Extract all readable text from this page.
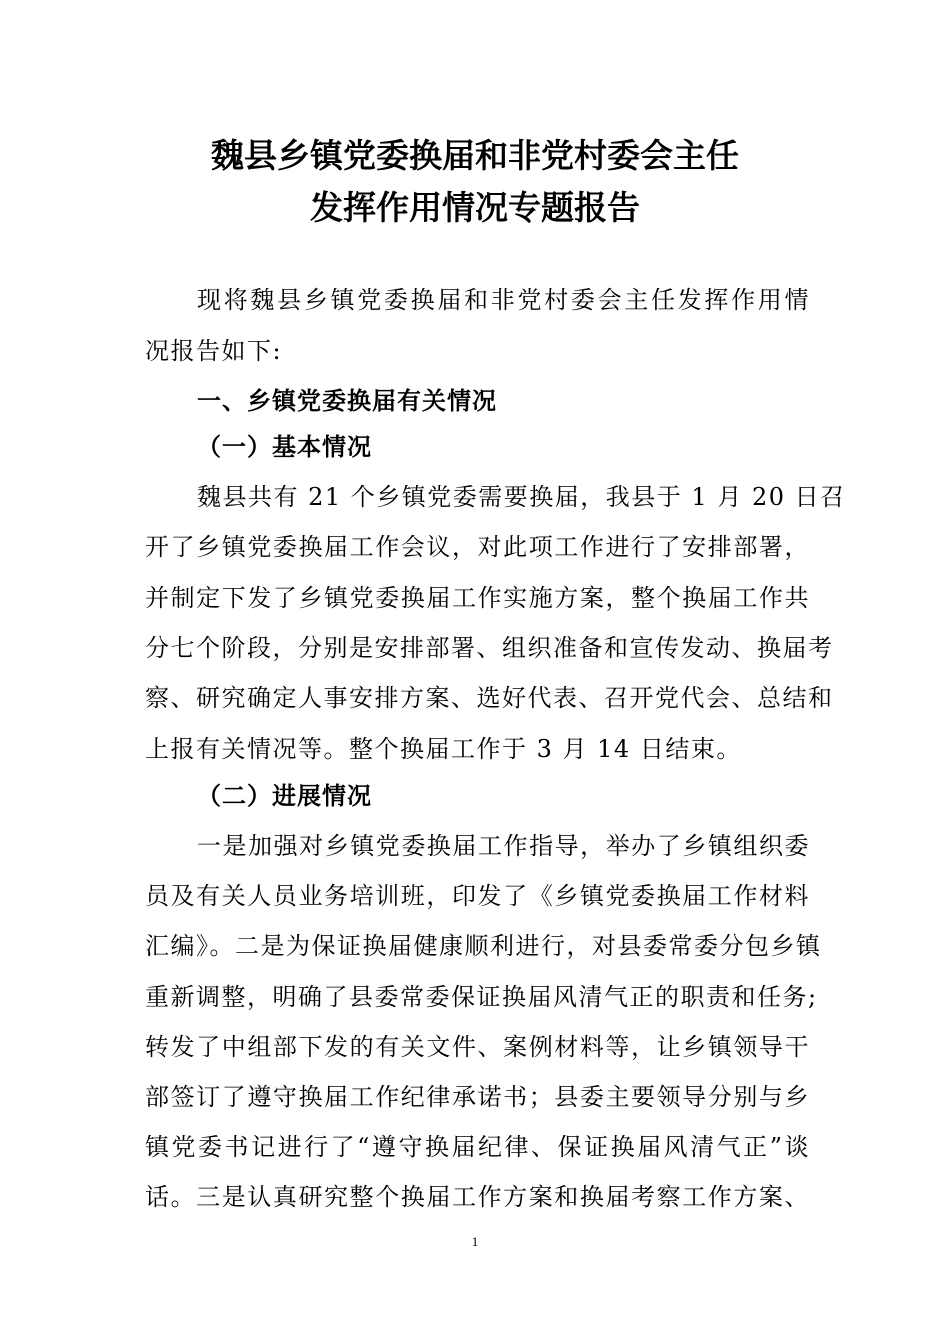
魏县乡镇党委换届和非党村委会主任
发挥作用情况专题报告
现将魏县乡镇党委换届和非党村委会主任发挥作用情
况报告如下:
一、乡镇党委换届有关情况
（一）基本情况
魏县共有 21 个乡镇党委需要换届，我县于 1 月 20 日召
开了乡镇党委换届工作会议，对此项工作进行了安排部署，
并制定下发了乡镇党委换届工作实施方案，整个换届工作共
分七个阶段，分别是安排部署、组织准备和宣传发动、换届考
察、研究确定人事安排方案、选好代表、召开党代会、总结和
上报有关情况等。整个换届工作于 3 月 14 日结束。
（二）进展情况
一是加强对乡镇党委换届工作指导，举办了乡镇组织委
员及有关人员业务培训班，印发了《乡镇党委换届工作材料
汇编》。二是为保证换届健康顺利进行，对县委常委分包乡镇
重新调整，明确了县委常委保证换届风清气正的职责和任务;
转发了中组部下发的有关文件、案例材料等，让乡镇领导干
部签订了遵守换届工作纪律承诺书；县委主要领导分别与乡
镇党委书记进行了“遵守换届纪律、保证换届风清气正”谈
话。三是认真研究整个换届工作方案和换届考察工作方案、
1
